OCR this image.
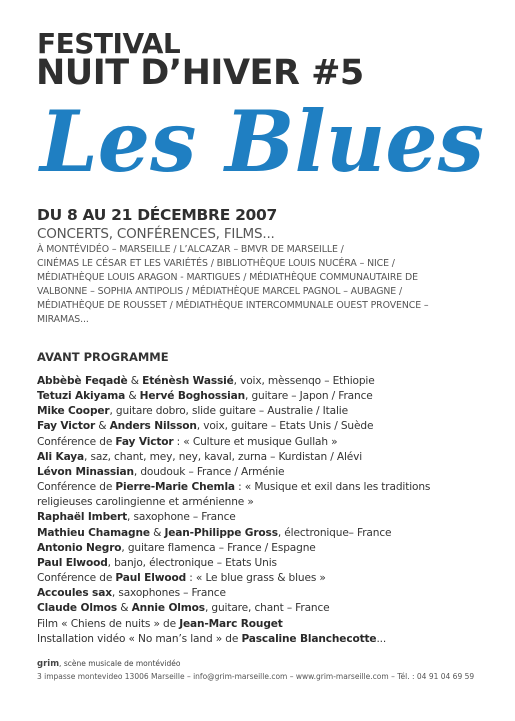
FESTIVAL
NUIT D’HIVER #5
Les Blues
DU 8 AU 21 DÉCEMBRE 2007
CONCERTS, CONFÉRENCES, FILMS...
À MONTÉVIDÉO – MARSEILLE / L’ALCAZAR – BMVR DE MARSEILLE /
CINÉMAS LE CÉSAR ET LES VARIÉTÉS / BIBLIOTHÈQUE LOUIS NUCÉRA – NICE /
MÉDIATHÈQUE LOUIS ARAGON - MARTIGUES / MÉDIATHÈQUE COMMUNAUTAIRE DE
VALBONNE – SOPHIA ANTIPOLIS / MÉDIATHÈQUE MARCEL PAGNOL – AUBAGNE /
MÉDIATHÈQUE DE ROUSSET / MÉDIATHÈQUE INTERCOMMUNALE OUEST PROVENCE –
MIRAMAS...
AVANT PROGRAMME
Abbèbè Feqadè & Eténèsh Wassié, voix, mèssenqo – Ethiopie
Tetuzi Akiyama & Hervé Boghossian, guitare – Japon / France
Mike Cooper, guitare dobro, slide guitare – Australie / Italie
Fay Victor & Anders Nilsson, voix, guitare – Etats Unis / Suède
Conférence de Fay Victor : « Culture et musique Gullah »
Ali Kaya, saz, chant, mey, ney, kaval, zurna – Kurdistan / Alévi
Lévon Minassian, doudouk – France / Arménie
Conférence de Pierre-Marie Chemla : « Musique et exil dans les traditions
religieuses carolingienne et arménienne »
Raphaël Imbert, saxophone – France
Mathieu Chamagne & Jean-Philippe Gross, électronique– France
Antonio Negro, guitare flamenca – France / Espagne
Paul Elwood, banjo, électronique – Etats Unis
Conférence de Paul Elwood : « Le blue grass & blues »
Accoules sax, saxophones – France
Claude Olmos & Annie Olmos, guitare, chant – France
Film « Chiens de nuits » de Jean-Marc Rouget
Installation vidéo « No man’s land » de Pascaline Blanchecotte...
grim, scène musicale de montévidéo
3 impasse montevideo 13006 Marseille – info@grim-marseille.com – www.grim-marseille.com – Tél. : 04 91 04 69 59
